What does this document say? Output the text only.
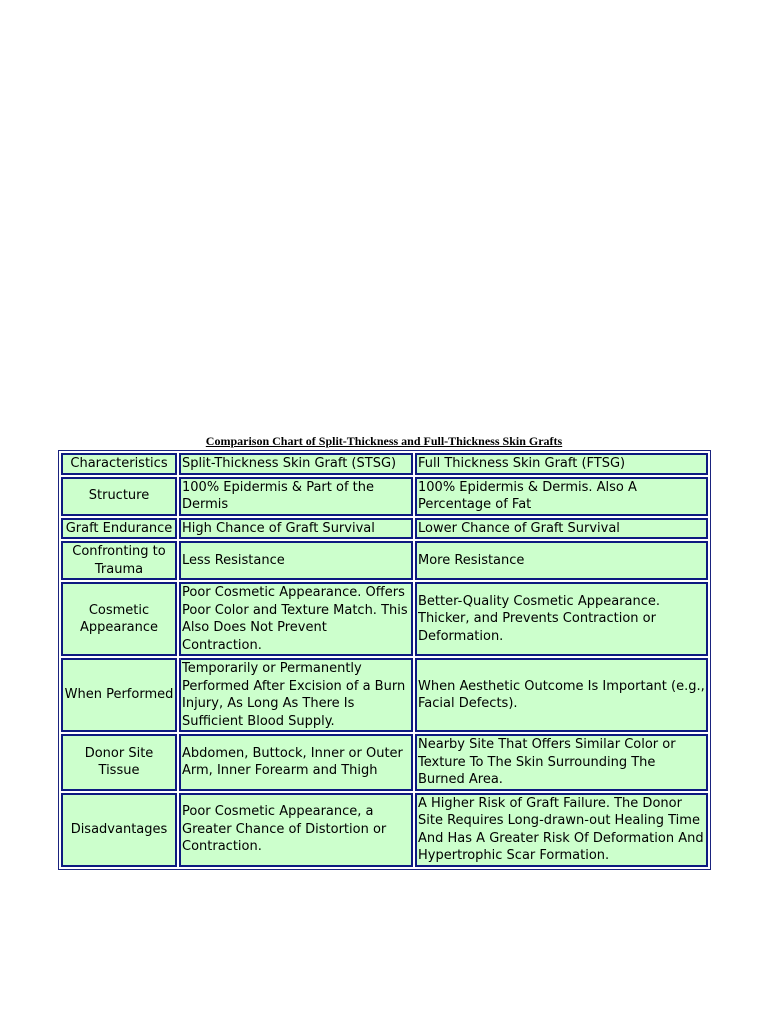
Comparison Chart of Split-Thickness and Full-Thickness Skin Grafts
Characteristics	Split-Thickness Skin Graft (STSG)	Full Thickness Skin Graft (FTSG)
Structure	100% Epidermis & Part of the Dermis	100% Epidermis & Dermis. Also A Percentage of Fat
Graft Endurance	High Chance of Graft Survival	Lower Chance of Graft Survival
Confronting to Trauma	Less Resistance	More Resistance
Cosmetic Appearance	Poor Cosmetic Appearance. Offers Poor Color and Texture Match. This Also Does Not Prevent Contraction.	Better-Quality Cosmetic Appearance. Thicker, and Prevents Contraction or Deformation.
When Performed	Temporarily or Permanently Performed After Excision of a Burn Injury, As Long As There Is Sufficient Blood Supply.	When Aesthetic Outcome Is Important (e.g., Facial Defects).
Donor Site Tissue	Abdomen, Buttock, Inner or Outer Arm, Inner Forearm and Thigh	Nearby Site That Offers Similar Color or Texture To The Skin Surrounding The Burned Area.
Disadvantages	Poor Cosmetic Appearance, a Greater Chance of Distortion or Contraction.	A Higher Risk of Graft Failure. The Donor Site Requires Long-drawn-out Healing Time And Has A Greater Risk Of Deformation And Hypertrophic Scar Formation.
